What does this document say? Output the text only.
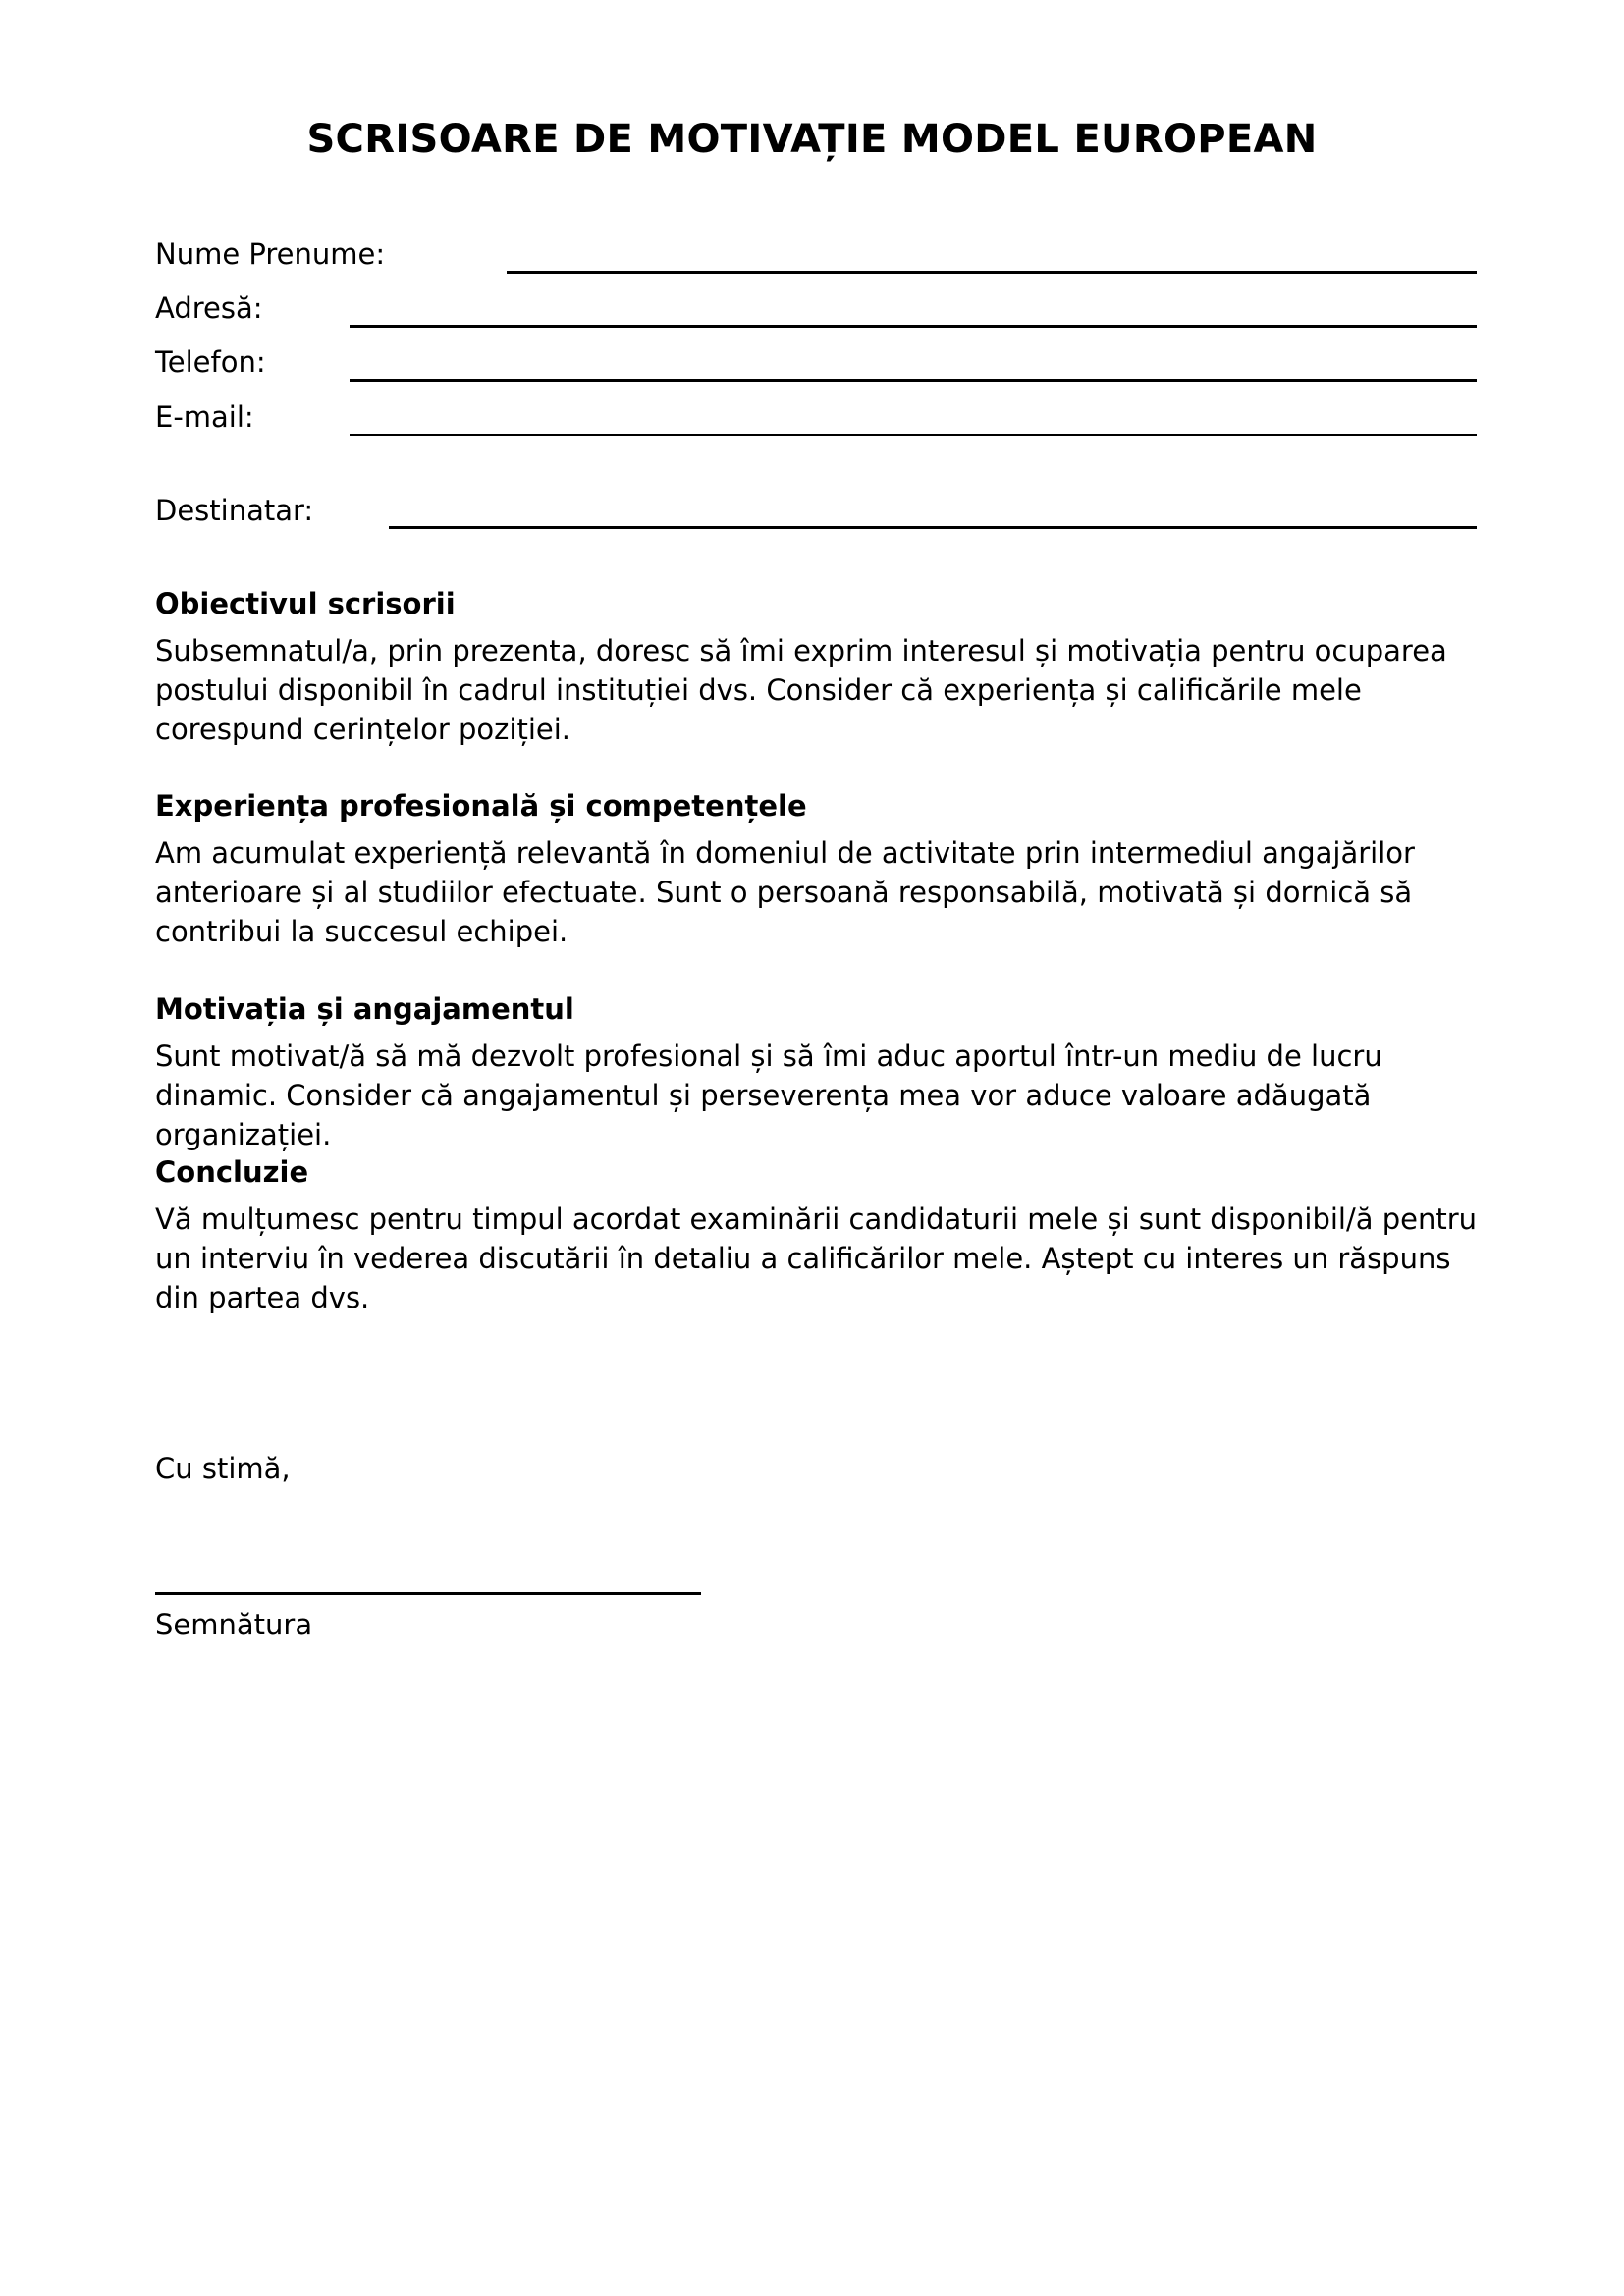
SCRISOARE DE MOTIVAȚIE MODEL EUROPEAN
Nume Prenume:
Adresă:
Telefon:
E-mail:
Destinatar:
Obiectivul scrisorii
Subsemnatul/a, prin prezenta, doresc să îmi exprim interesul și motivația pentru ocuparea postului disponibil în cadrul instituției dvs. Consider că experiența și calificările mele corespund cerințelor poziției.
Experiența profesională și competențele
Am acumulat experiență relevantă în domeniul de activitate prin intermediul angajărilor anterioare și al studiilor efectuate. Sunt o persoană responsabilă, motivată și dornică să contribui la succesul echipei.
Motivația și angajamentul
Sunt motivat/ă să mă dezvolt profesional și să îmi aduc aportul într-un mediu de lucru dinamic. Consider că angajamentul și perseverența mea vor aduce valoare adăugată organizației.
Concluzie
Vă mulțumesc pentru timpul acordat examinării candidaturii mele și sunt disponibil/ă pentru un interviu în vederea discutării în detaliu a calificărilor mele. Aștept cu interes un răspuns din partea dvs.
Cu stimă,
Semnătura
